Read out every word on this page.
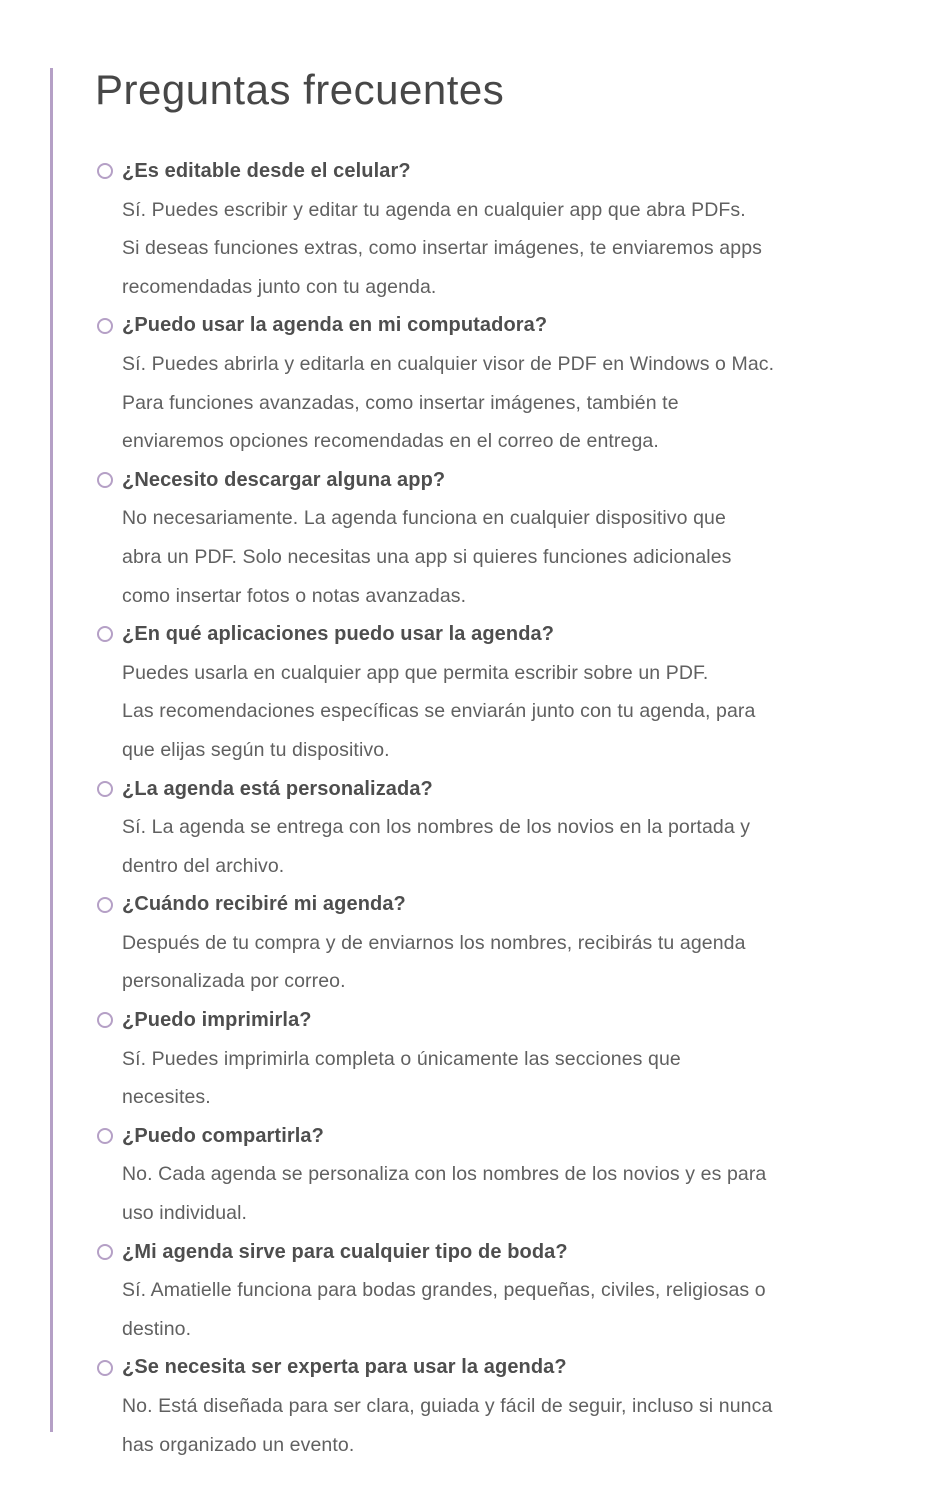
Preguntas frecuentes
¿Es editable desde el celular?
Sí. Puedes escribir y editar tu agenda en cualquier app que abra PDFs.
Si deseas funciones extras, como insertar imágenes, te enviaremos apps
recomendadas junto con tu agenda.
¿Puedo usar la agenda en mi computadora?
Sí. Puedes abrirla y editarla en cualquier visor de PDF en Windows o Mac.
Para funciones avanzadas, como insertar imágenes, también te
enviaremos opciones recomendadas en el correo de entrega.
¿Necesito descargar alguna app?
No necesariamente. La agenda funciona en cualquier dispositivo que
abra un PDF. Solo necesitas una app si quieres funciones adicionales
como insertar fotos o notas avanzadas.
¿En qué aplicaciones puedo usar la agenda?
Puedes usarla en cualquier app que permita escribir sobre un PDF.
Las recomendaciones específicas se enviarán junto con tu agenda, para
que elijas según tu dispositivo.
¿La agenda está personalizada?
Sí. La agenda se entrega con los nombres de los novios en la portada y
dentro del archivo.
¿Cuándo recibiré mi agenda?
Después de tu compra y de enviarnos los nombres, recibirás tu agenda
personalizada por correo.
¿Puedo imprimirla?
Sí. Puedes imprimirla completa o únicamente las secciones que
necesites.
¿Puedo compartirla?
No. Cada agenda se personaliza con los nombres de los novios y es para
uso individual.
¿Mi agenda sirve para cualquier tipo de boda?
Sí. Amatielle funciona para bodas grandes, pequeñas, civiles, religiosas o
destino.
¿Se necesita ser experta para usar la agenda?
No. Está diseñada para ser clara, guiada y fácil de seguir, incluso si nunca
has organizado un evento.
